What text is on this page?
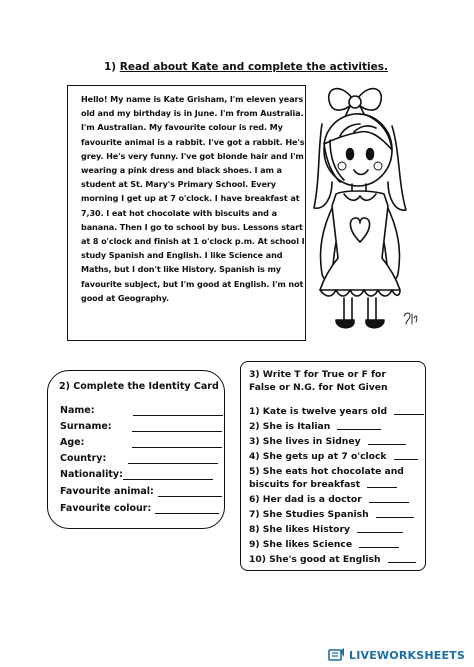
1) Read about Kate and complete the activities.
Hello! My name is Kate Grisham, I'm eleven years
old and my birthday is in June. I'm from Australia.
I'm Australian. My favourite colour is red. My
favourite animal is a rabbit. I've got a rabbit. He's
grey. He's very funny. I've got blonde hair and I'm
wearing a pink dress and black shoes. I am a
student at St. Mary's Primary School. Every
morning I get up at 7 o'clock. I have breakfast at
7,30. I eat hot chocolate with biscuits and a
banana. Then I go to school by bus. Lessons start
at 8 o'clock and finish at 1 o'clock p.m. At school I
study Spanish and English. I like Science and
Maths, but I don't like History. Spanish is my
favourite subject, but I'm good at English. I'm not
good at Geography.
2) Complete the Identity Card
Name:
Surname:
Age:
Country:
Nationality:
Favourite animal:
Favourite colour:
3) Write T for True or F for
False or N.G. for Not Given
1) Kate is twelve years old
2) She is Italian
3) She lives in Sidney
4) She gets up at 7 o'clock
5) She eats hot chocolate and
biscuits for breakfast
6) Her dad is a doctor
7) She Studies Spanish
8) She likes History
9) She likes Science
10) She's good at English
LIVEWORKSHEETS
